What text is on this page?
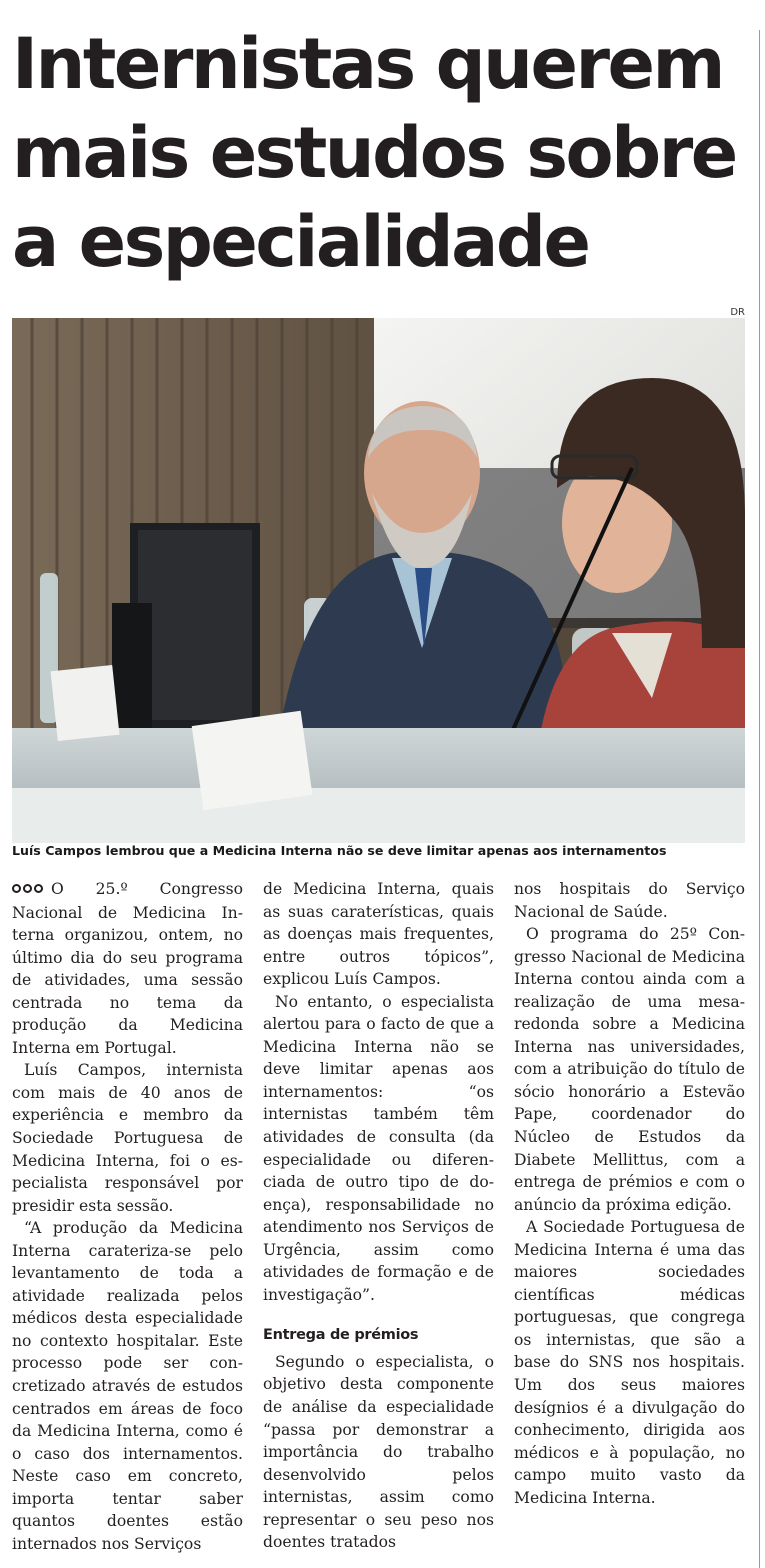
Internistas querem mais estudos sobre a especialidade
DR
Luís Campos lembrou que a Medicina Interna não se deve limitar apenas aos internamentos

O 25.º Congresso Nacional de Medicina Interna organizou, ontem, no último dia do seu programa de atividades, uma sessão centrada no tema da produção da Medicina Interna em Portugal.

Luís Campos, internista com mais de 40 anos de experiência e membro da Sociedade Portuguesa de Medicina Interna, foi o especialista responsável por presidir esta sessão.

“A produção da Medicina Interna carateriza-se pelo levantamento de toda a atividade realizada pelos médicos desta especialidade no contexto hospitalar. Este processo pode ser concretizado através de estudos centrados em áreas de foco da Medicina Interna, como é o caso dos internamentos. Neste caso em concreto, importa tentar saber quantos doentes estão internados nos Serviços

de Medicina Interna, quais as suas caraterísticas, quais as doenças mais frequentes, entre outros tópicos”, explicou Luís Campos.

No entanto, o especialista alertou para o facto de que a Medicina Interna não se deve limitar apenas aos internamentos: “os internistas também têm atividades de consulta (da especialidade ou diferenciada de outro tipo de doença), responsabilidade no atendimento nos Serviços de Urgência, assim como atividades de formação e de investigação”.

Entrega de prémios

Segundo o especialista, o objetivo desta componente de análise da especialidade “passa por demonstrar a importância do trabalho desenvolvido pelos internistas, assim como representar o seu peso nos doentes tratados

nos hospitais do Serviço Nacional de Saúde.

O programa do 25º Congresso Nacional de Medicina Interna contou ainda com a realização de uma mesa-redonda sobre a Medicina Interna nas universidades, com a atribuição do título de sócio honorário a Estevão Pape, coordenador do Núcleo de Estudos da Diabete Mellittus, com a entrega de prémios e com o anúncio da próxima edição.

A Sociedade Portuguesa de Medicina Interna é uma das maiores sociedades científicas médicas portuguesas, que congrega os internistas, que são a base do SNS nos hospitais. Um dos seus maiores desígnios é a divulgação do conhecimento, dirigida aos médicos e à população, no campo muito vasto da Medicina Interna.
